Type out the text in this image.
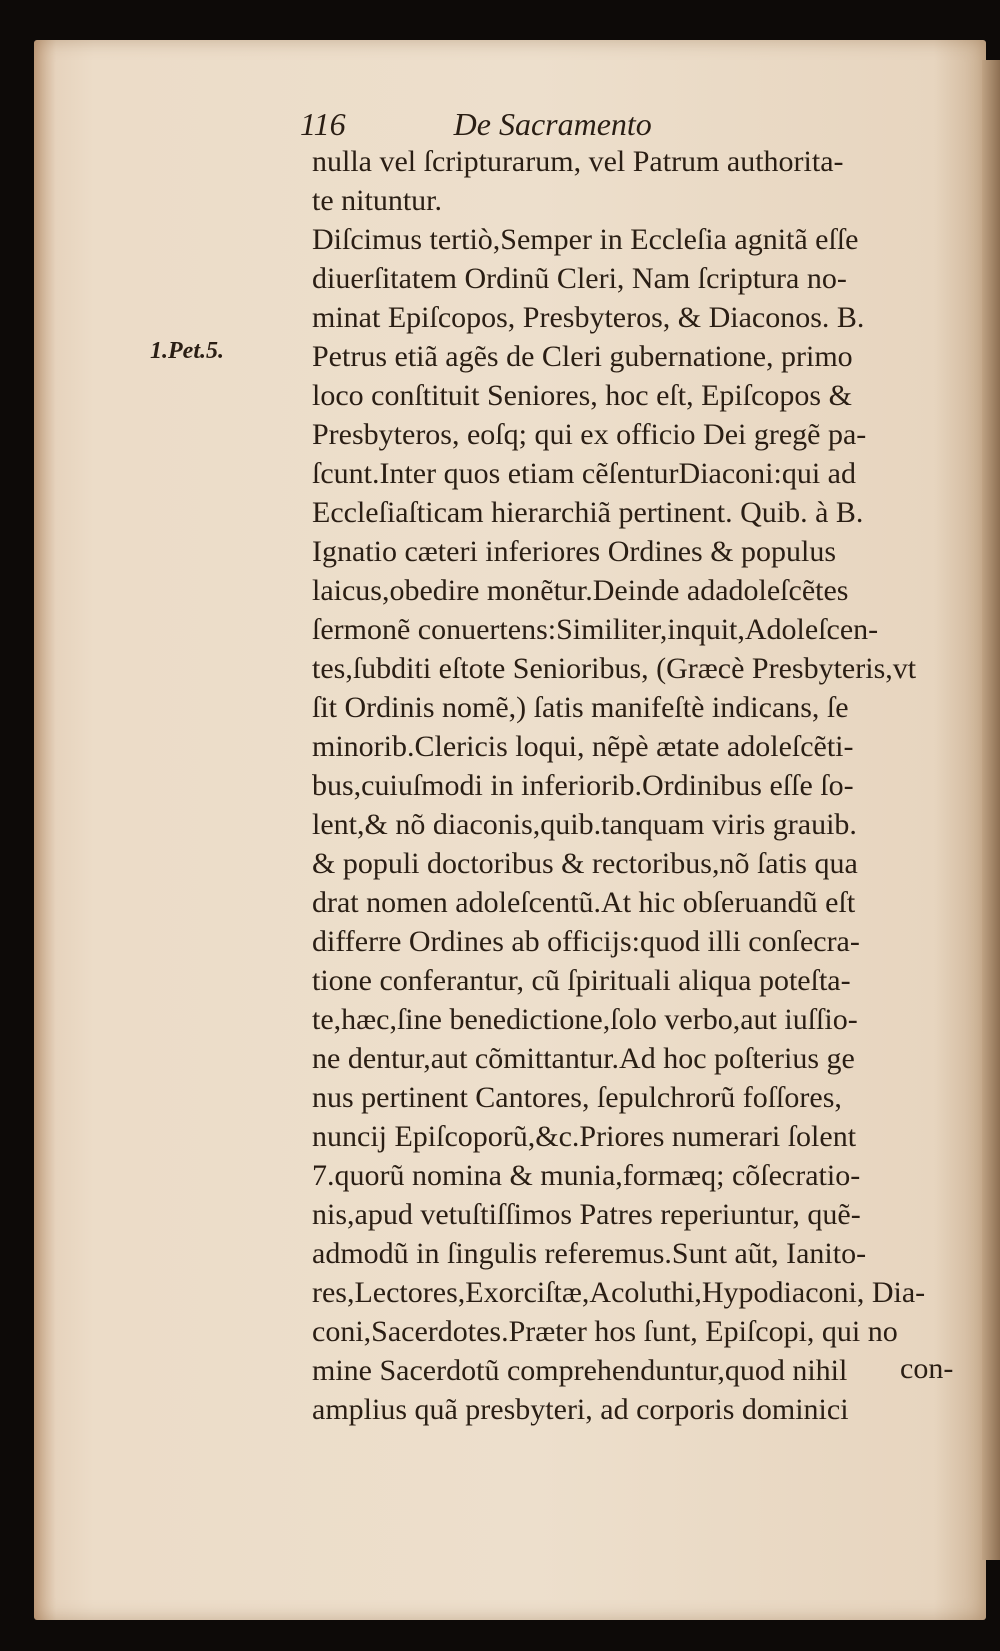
116	De Sacramento
1.Pet.5.
nulla vel ſcripturarum, vel Patrum authorita-
te nituntur.
Diſcimus tertiò,Semper in Eccleſia agnitã eſſe
diuerſitatem Ordinũ Cleri, Nam ſcriptura no-
minat Epiſcopos, Presbyteros, & Diaconos. B.
Petrus etiã agẽs de Cleri gubernatione, primo
loco conſtituit Seniores, hoc eſt, Epiſcopos &
Presbyteros, eoſq; qui ex officio Dei gregẽ pa-
ſcunt.Inter quos etiam cẽſenturDiaconi:qui ad
Eccleſiaſticam hierarchiã pertinent. Quib. à B.
Ignatio cæteri inferiores Ordines & populus
laicus,obedire monẽtur.Deinde adadoleſcẽtes
ſermonẽ conuertens:Similiter,inquit,Adoleſcen-
tes,ſubditi eſtote Senioribus, (Græcè Presbyteris,vt
ſit Ordinis nomẽ,) ſatis manifeſtè indicans, ſe
minorib.Clericis loqui, nẽpè ætate adoleſcẽti-
bus,cuiuſmodi in inferiorib.Ordinibus eſſe ſo-
lent,& nõ diaconis,quib.tanquam viris grauib.
& populi doctoribus & rectoribus,nõ ſatis qua
drat nomen adoleſcentũ.At hic obſeruandũ eſt
differre Ordines ab officijs:quod illi conſecra-
tione conferantur, cũ ſpirituali aliqua poteſta-
te,hæc,ſine benedictione,ſolo verbo,aut iuſſio-
ne dentur,aut cõmittantur.Ad hoc poſterius ge
nus pertinent Cantores, ſepulchrorũ foſſores,
nuncij Epiſcoporũ,&c.Priores numerari ſolent
7.quorũ nomina & munia,formæq; cõſecratio-
nis,apud vetuſtiſſimos Patres reperiuntur, quẽ-
admodũ in ſingulis referemus.Sunt aũt, Ianito-
res,Lectores,Exorciſtæ,Acoluthi,Hypodiaconi, Dia-
coni,Sacerdotes.Præter hos ſunt, Epiſcopi, qui no
mine Sacerdotũ comprehenduntur,quod nihil
amplius quã presbyteri, ad corporis dominici
con-
